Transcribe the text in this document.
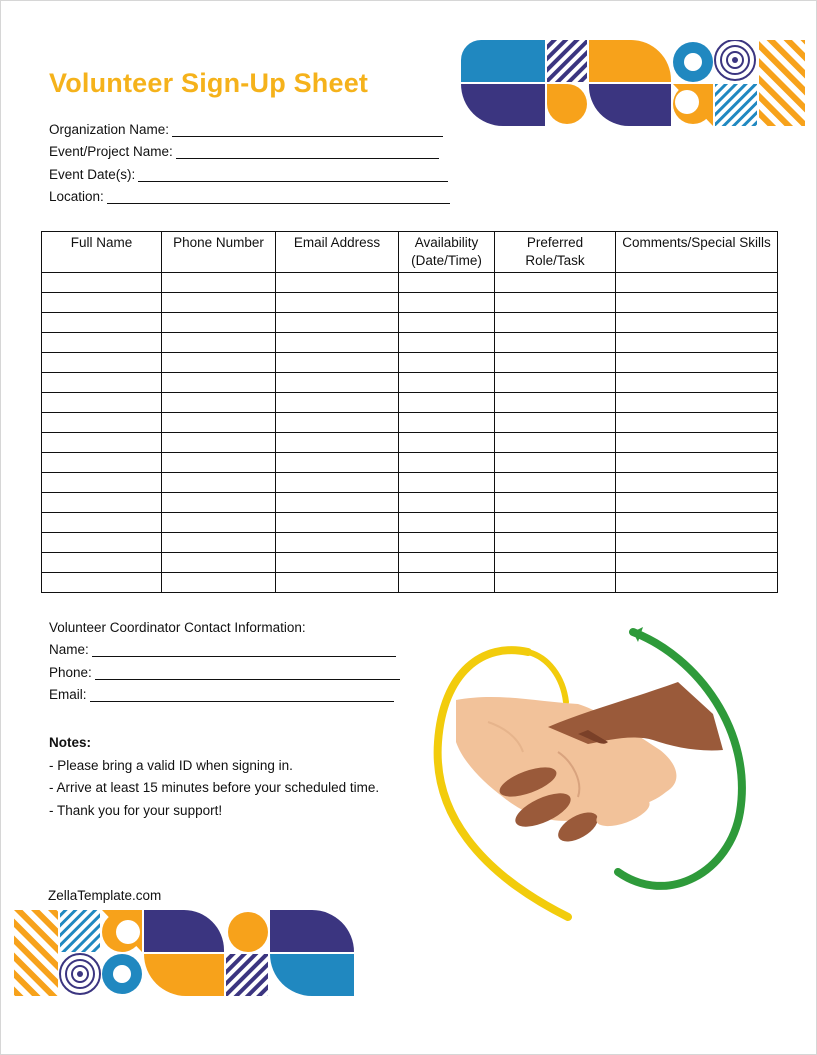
Volunteer Sign-Up Sheet
Organization Name:
Event/Project Name:
Event Date(s):
Location:
Full Name	Phone Number	Email Address	Availability (Date/Time)	Preferred Role/Task	Comments/Special Skills

Volunteer Coordinator Contact Information:
Name:
Phone:
Email:
Notes:
- Please bring a valid ID when signing in.
- Arrive at least 15 minutes before your scheduled time.
- Thank you for your support!
ZellaTemplate.com
